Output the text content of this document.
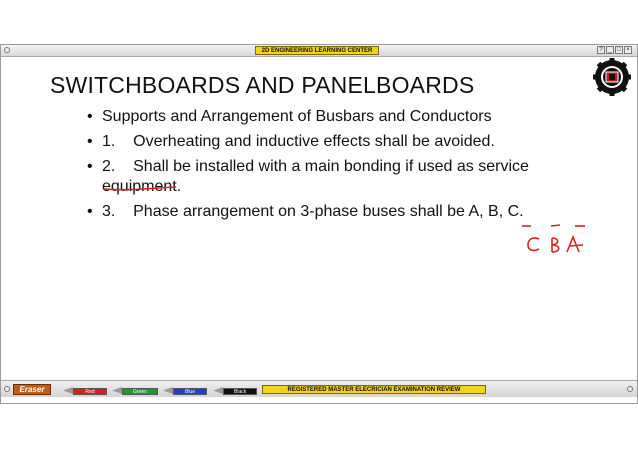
2D ENGINEERING LEARNING CENTER	? _ □ ×
SWITCHBOARDS AND PANELBOARDS
• Supports and Arrangement of Busbars and Conductors
• 1.    Overheating and inductive effects shall be avoided.
• 2.    Shall be installed with a main bonding if used as service equipment.
• 3.    Phase arrangement on 3-phase buses shall be A, B, C.
Eraser	Red	Green	Blue	Black	REGISTERED MASTER ELECRICIAN EXAMINATION REVIEW
